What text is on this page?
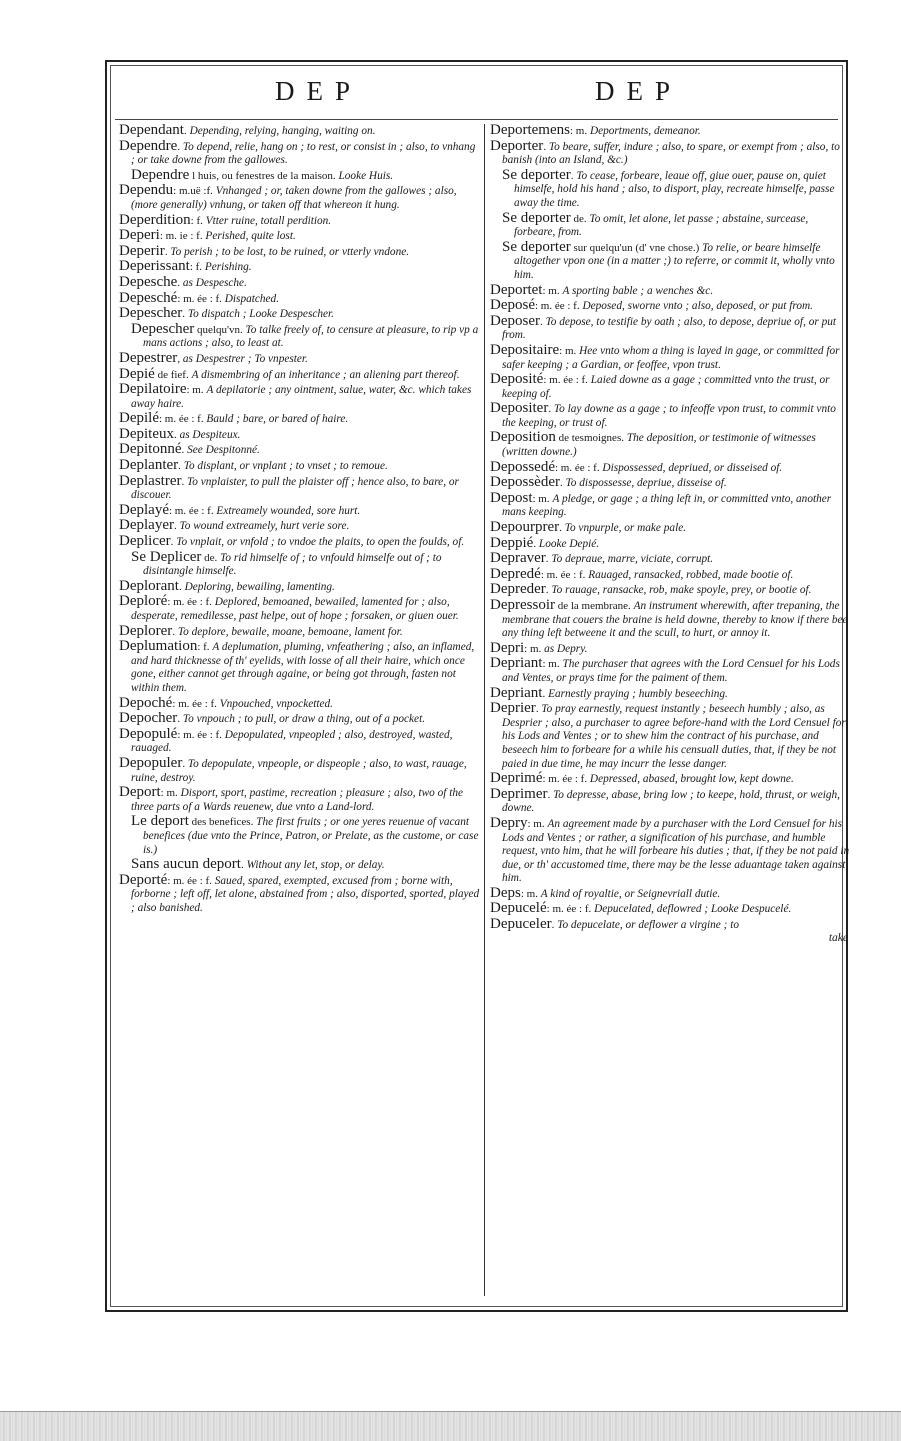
DEP	DEP
Dependant. Depending, relying, hanging, waiting on.
Dependre. To depend, relie, hang on ; to rest, or consist in ; also, to vnhang ; or take downe from the gallowes.
Dependre l huis, ou fenestres de la maison. Looke Huis.
Dependu: m.uë :f. Vnhanged ; or, taken downe from the gallowes ; also,(more generally) vnhung, or taken off that whereon it hung.
Deperdition: f. Vtter ruine, totall perdition.
Deperi: m. ie : f. Perished, quite lost.
Deperir. To perish ; to be lost, to be ruined, or vtterly vndone.
Deperissant: f. Perishing.
Depesche. as Despesche.
Depesché: m. ée : f. Dispatched.
Depescher. To dispatch ; Looke Despescher.
Depescher quelqu'vn. To talke freely of, to censure at pleasure, to rip vp a mans actions ; also, to least at.
Depestrer, as Despestrer ; To vnpester.
Depié de fief. A dismembring of an inheritance ; an aliening part thereof.
Depilatoire: m. A depilatorie ; any ointment, salue, water, &c. which takes away haire.
Depilé: m. ée : f. Bauld ; bare, or bared of haire.
Depiteux. as Despiteux.
Depitonné. See Despitonné.
Deplanter. To displant, or vnplant ; to vnset ; to remoue.
Deplastrer. To vnplaister, to pull the plaister off ; hence also, to bare, or discouer.
Deplayé: m. ée : f. Extreamely wounded, sore hurt.
Deplayer. To wound extreamely, hurt verie sore.
Deplicer. To vnplait, or vnfold ; to vndoe the plaits, to open the foulds, of.
Se Deplicer de. To rid himselfe of ; to vnfould himselfe out of ; to disintangle himselfe.
Deplorant. Deploring, bewailing, lamenting.
Deploré: m. ée : f. Deplored, bemoaned, bewailed, lamented for ; also, desperate, remedilesse, past helpe, out of hope ; forsaken, or giuen ouer.
Deplorer. To deplore, bewaile, moane, bemoane, lament for.
Deplumation: f. A deplumation, pluming, vnfeathering ; also, an inflamed, and hard thicknesse of th' eyelids, with losse of all their haire, which once gone, either cannot get through againe, or being got through, fasten not within them.
Depoché: m. ée : f. Vnpouched, vnpocketted.
Depocher. To vnpouch ; to pull, or draw a thing, out of a pocket.
Depopulé: m. ée : f. Depopulated, vnpeopled ; also, destroyed, wasted, rauaged.
Depopuler. To depopulate, vnpeople, or dispeople ; also, to wast, rauage, ruine, destroy.
Deport: m. Disport, sport, pastime, recreation ; pleasure ; also, two of the three parts of a Wards reuenew, due vnto a Land-lord.
Le deport des benefices. The first fruits ; or one yeres reuenue of vacant benefices (due vnto the Prince, Patron, or Prelate, as the custome, or case is.)
Sans aucun deport. Without any let, stop, or delay.
Deporté: m. ée : f. Saued, spared, exempted, excused from ; borne with, forborne ; left off, let alone, abstained from ; also, disported, sported, played ; also banished.
Deportemens: m. Deportments, demeanor.
Deporter. To beare, suffer, indure ; also, to spare, or exempt from ; also, to banish (into an Island, &c.)
Se deporter. To cease, forbeare, leaue off, giue ouer, pause on, quiet himselfe, hold his hand ; also, to disport, play, recreate himselfe, passe away the time.
Se deporter de. To omit, let alone, let passe ; abstaine, surcease, forbeare, from.
Se deporter sur quelqu'un (d' vne chose.) To relie, or beare himselfe altogether vpon one (in a matter ;) to referre, or commit it, wholly vnto him.
Deportet: m. A sporting bable ; a wenches &c.
Deposé: m. ée : f. Deposed, sworne vnto ; also, deposed, or put from.
Deposer. To depose, to testifie by oath ; also, to depose, depriue of, or put from.
Depositaire: m. Hee vnto whom a thing is layed in gage, or committed for safer keeping ; a Gardian, or feoffee, vpon trust.
Deposité: m. ée : f. Laied downe as a gage ; committed vnto the trust, or keeping of.
Depositer. To lay downe as a gage ; to infeoffe vpon trust, to commit vnto the keeping, or trust of.
Deposition de tesmoignes. The deposition, or testimonie of witnesses (written downe.)
Depossedé: m. ée : f. Dispossessed, depriued, or disseised of.
Depossèder. To dispossesse, depriue, disseise of.
Depost: m. A pledge, or gage ; a thing left in, or committed vnto, another mans keeping.
Depourprer. To vnpurple, or make pale.
Deppié. Looke Depié.
Depraver. To depraue, marre, viciate, corrupt.
Depredé: m. ée : f. Rauaged, ransacked, robbed, made bootie of.
Depreder. To rauage, ransacke, rob, make spoyle, prey, or bootie of.
Depressoir de la membrane. An instrument wherewith, after trepaning, the membrane that couers the braine is held downe, thereby to know if there bee any thing left betweene it and the scull, to hurt, or annoy it.
Depri: m. as Depry.
Depriant: m. The purchaser that agrees with the Lord Censuel for his Lods and Ventes, or prays time for the paiment of them.
Depriant. Earnestly praying ; humbly beseeching.
Deprier. To pray earnestly, request instantly ; beseech humbly ; also, as Desprier ; also, a purchaser to agree before-hand with the Lord Censuel for his Lods and Ventes ; or to shew him the contract of his purchase, and beseech him to forbeare for a while his censuall duties, that, if they be not paied in due time, he may incurr the lesse danger.
Deprimé: m. ée : f. Depressed, abased, brought low, kept downe.
Deprimer. To depresse, abase, bring low ; to keepe, hold, thrust, or weigh, downe.
Depry: m. An agreement made by a purchaser with the Lord Censuel for his Lods and Ventes ; or rather, a signification of his purchase, and humble request, vnto him, that he will forbeare his duties ; that, if they be not paid in due, or th' accustomed time, there may be the lesse aduantage taken against him.
Deps: m. A kind of royaltie, or Seignevriall dutie.
Depucelé: m. ée : f. Depucelated, deflowred ; Looke Despucelé.
Depuceler. To depucelate, or deflower a virgine ; to
take
